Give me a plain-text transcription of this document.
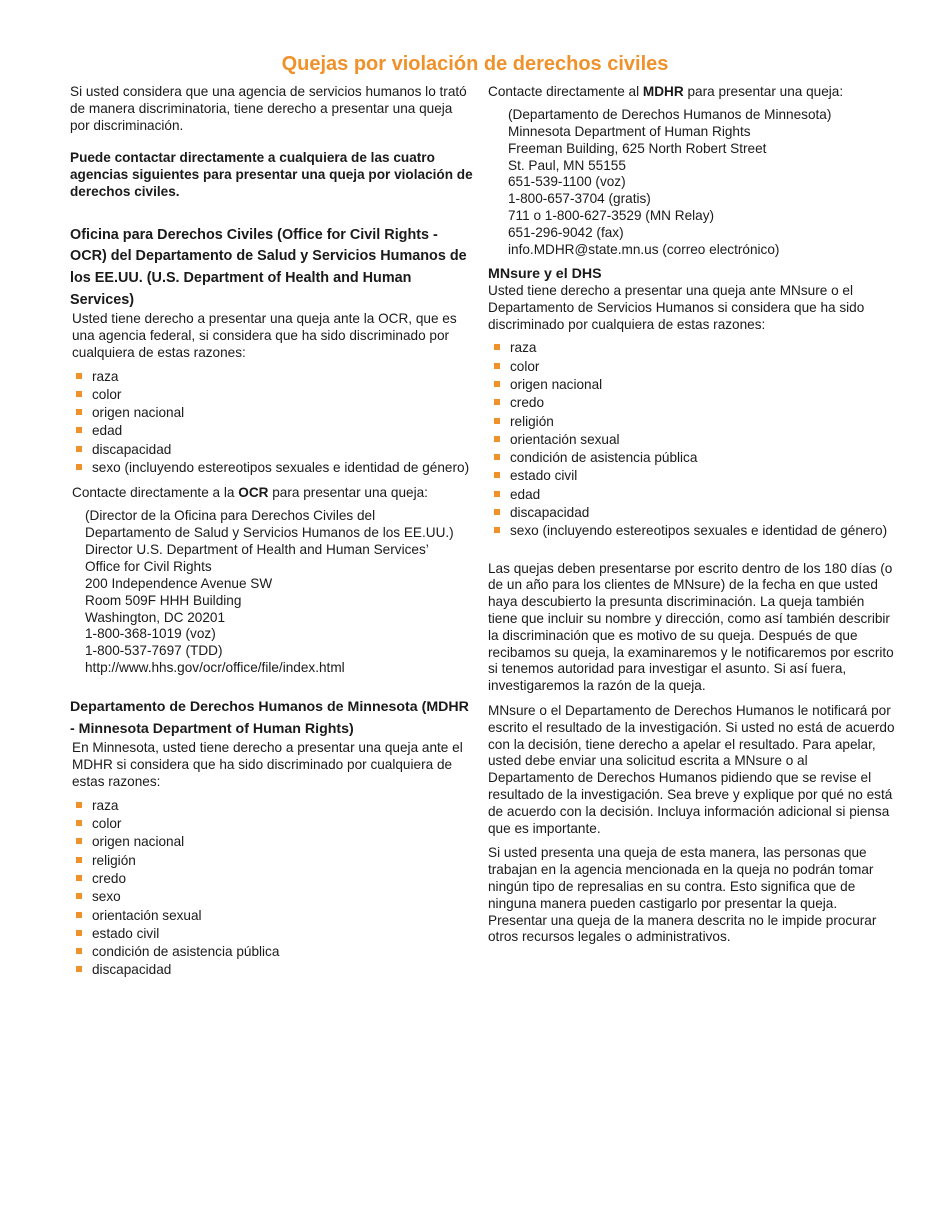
Quejas por violación de derechos civiles

Si usted considera que una agencia de servicios humanos lo trató de manera discriminatoria, tiene derecho a presentar una queja por discriminación.

Puede contactar directamente a cualquiera de las cuatro agencias siguientes para presentar una queja por violación de derechos civiles.

Oficina para Derechos Civiles (Office for Civil Rights - OCR) del Departamento de Salud y Servicios Humanos de los EE.UU. (U.S. Department of Health and Human Services)

Usted tiene derecho a presentar una queja ante la OCR, que es una agencia federal, si considera que ha sido discriminado por cualquiera de estas razones:

raza
color
origen nacional
edad
discapacidad
sexo (incluyendo estereotipos sexuales e identidad de género)

Contacte directamente a la OCR para presentar una queja:

(Director de la Oficina para Derechos Civiles del
Departamento de Salud y Servicios Humanos de los EE.UU.)
Director U.S. Department of Health and Human Services’
Office for Civil Rights
200 Independence Avenue SW
Room 509F HHH Building
Washington, DC 20201
1-800-368-1019 (voz)
1-800-537-7697 (TDD)
http://www.hhs.gov/ocr/office/file/index.html
Departamento de Derechos Humanos de Minnesota (MDHR - Minnesota Department of Human Rights)

En Minnesota, usted tiene derecho a presentar una queja ante el MDHR si considera que ha sido discriminado por cualquiera de estas razones:

raza
color
origen nacional
religión
credo
sexo
orientación sexual
estado civil
condición de asistencia pública
discapacidad

Contacte directamente al MDHR para presentar una queja:

(Departamento de Derechos Humanos de Minnesota)
Minnesota Department of Human Rights
Freeman Building, 625 North Robert Street
St. Paul, MN 55155
651-539-1100 (voz)
1-800-657-3704 (gratis)
711 o 1-800-627-3529 (MN Relay)
651-296-9042 (fax)
info.MDHR@state.mn.us (correo electrónico)
MNsure y el DHS

Usted tiene derecho a presentar una queja ante MNsure o el Departamento de Servicios Humanos si considera que ha sido discriminado por cualquiera de estas razones:

raza
color
origen nacional
credo
religión
orientación sexual
condición de asistencia pública
estado civil
edad
discapacidad
sexo (incluyendo estereotipos sexuales e identidad de género)

Las quejas deben presentarse por escrito dentro de los 180 días (o de un año para los clientes de MNsure) de la fecha en que usted haya descubierto la presunta discriminación. La queja también tiene que incluir su nombre y dirección, como así también describir la discriminación que es motivo de su queja. Después de que recibamos su queja, la examinaremos y le notificaremos por escrito si tenemos autoridad para investigar el asunto. Si así fuera, investigaremos la razón de la queja.

MNsure o el Departamento de Derechos Humanos le notificará por escrito el resultado de la investigación. Si usted no está de acuerdo con la decisión, tiene derecho a apelar el resultado. Para apelar, usted debe enviar una solicitud escrita a MNsure o al Departamento de Derechos Humanos pidiendo que se revise el resultado de la investigación. Sea breve y explique por qué no está de acuerdo con la decisión. Incluya información adicional si piensa que es importante.

Si usted presenta una queja de esta manera, las personas que trabajan en la agencia mencionada en la queja no podrán tomar ningún tipo de represalias en su contra. Esto significa que de ninguna manera pueden castigarlo por presentar la queja. Presentar una queja de la manera descrita no le impide procurar otros recursos legales o administrativos.
